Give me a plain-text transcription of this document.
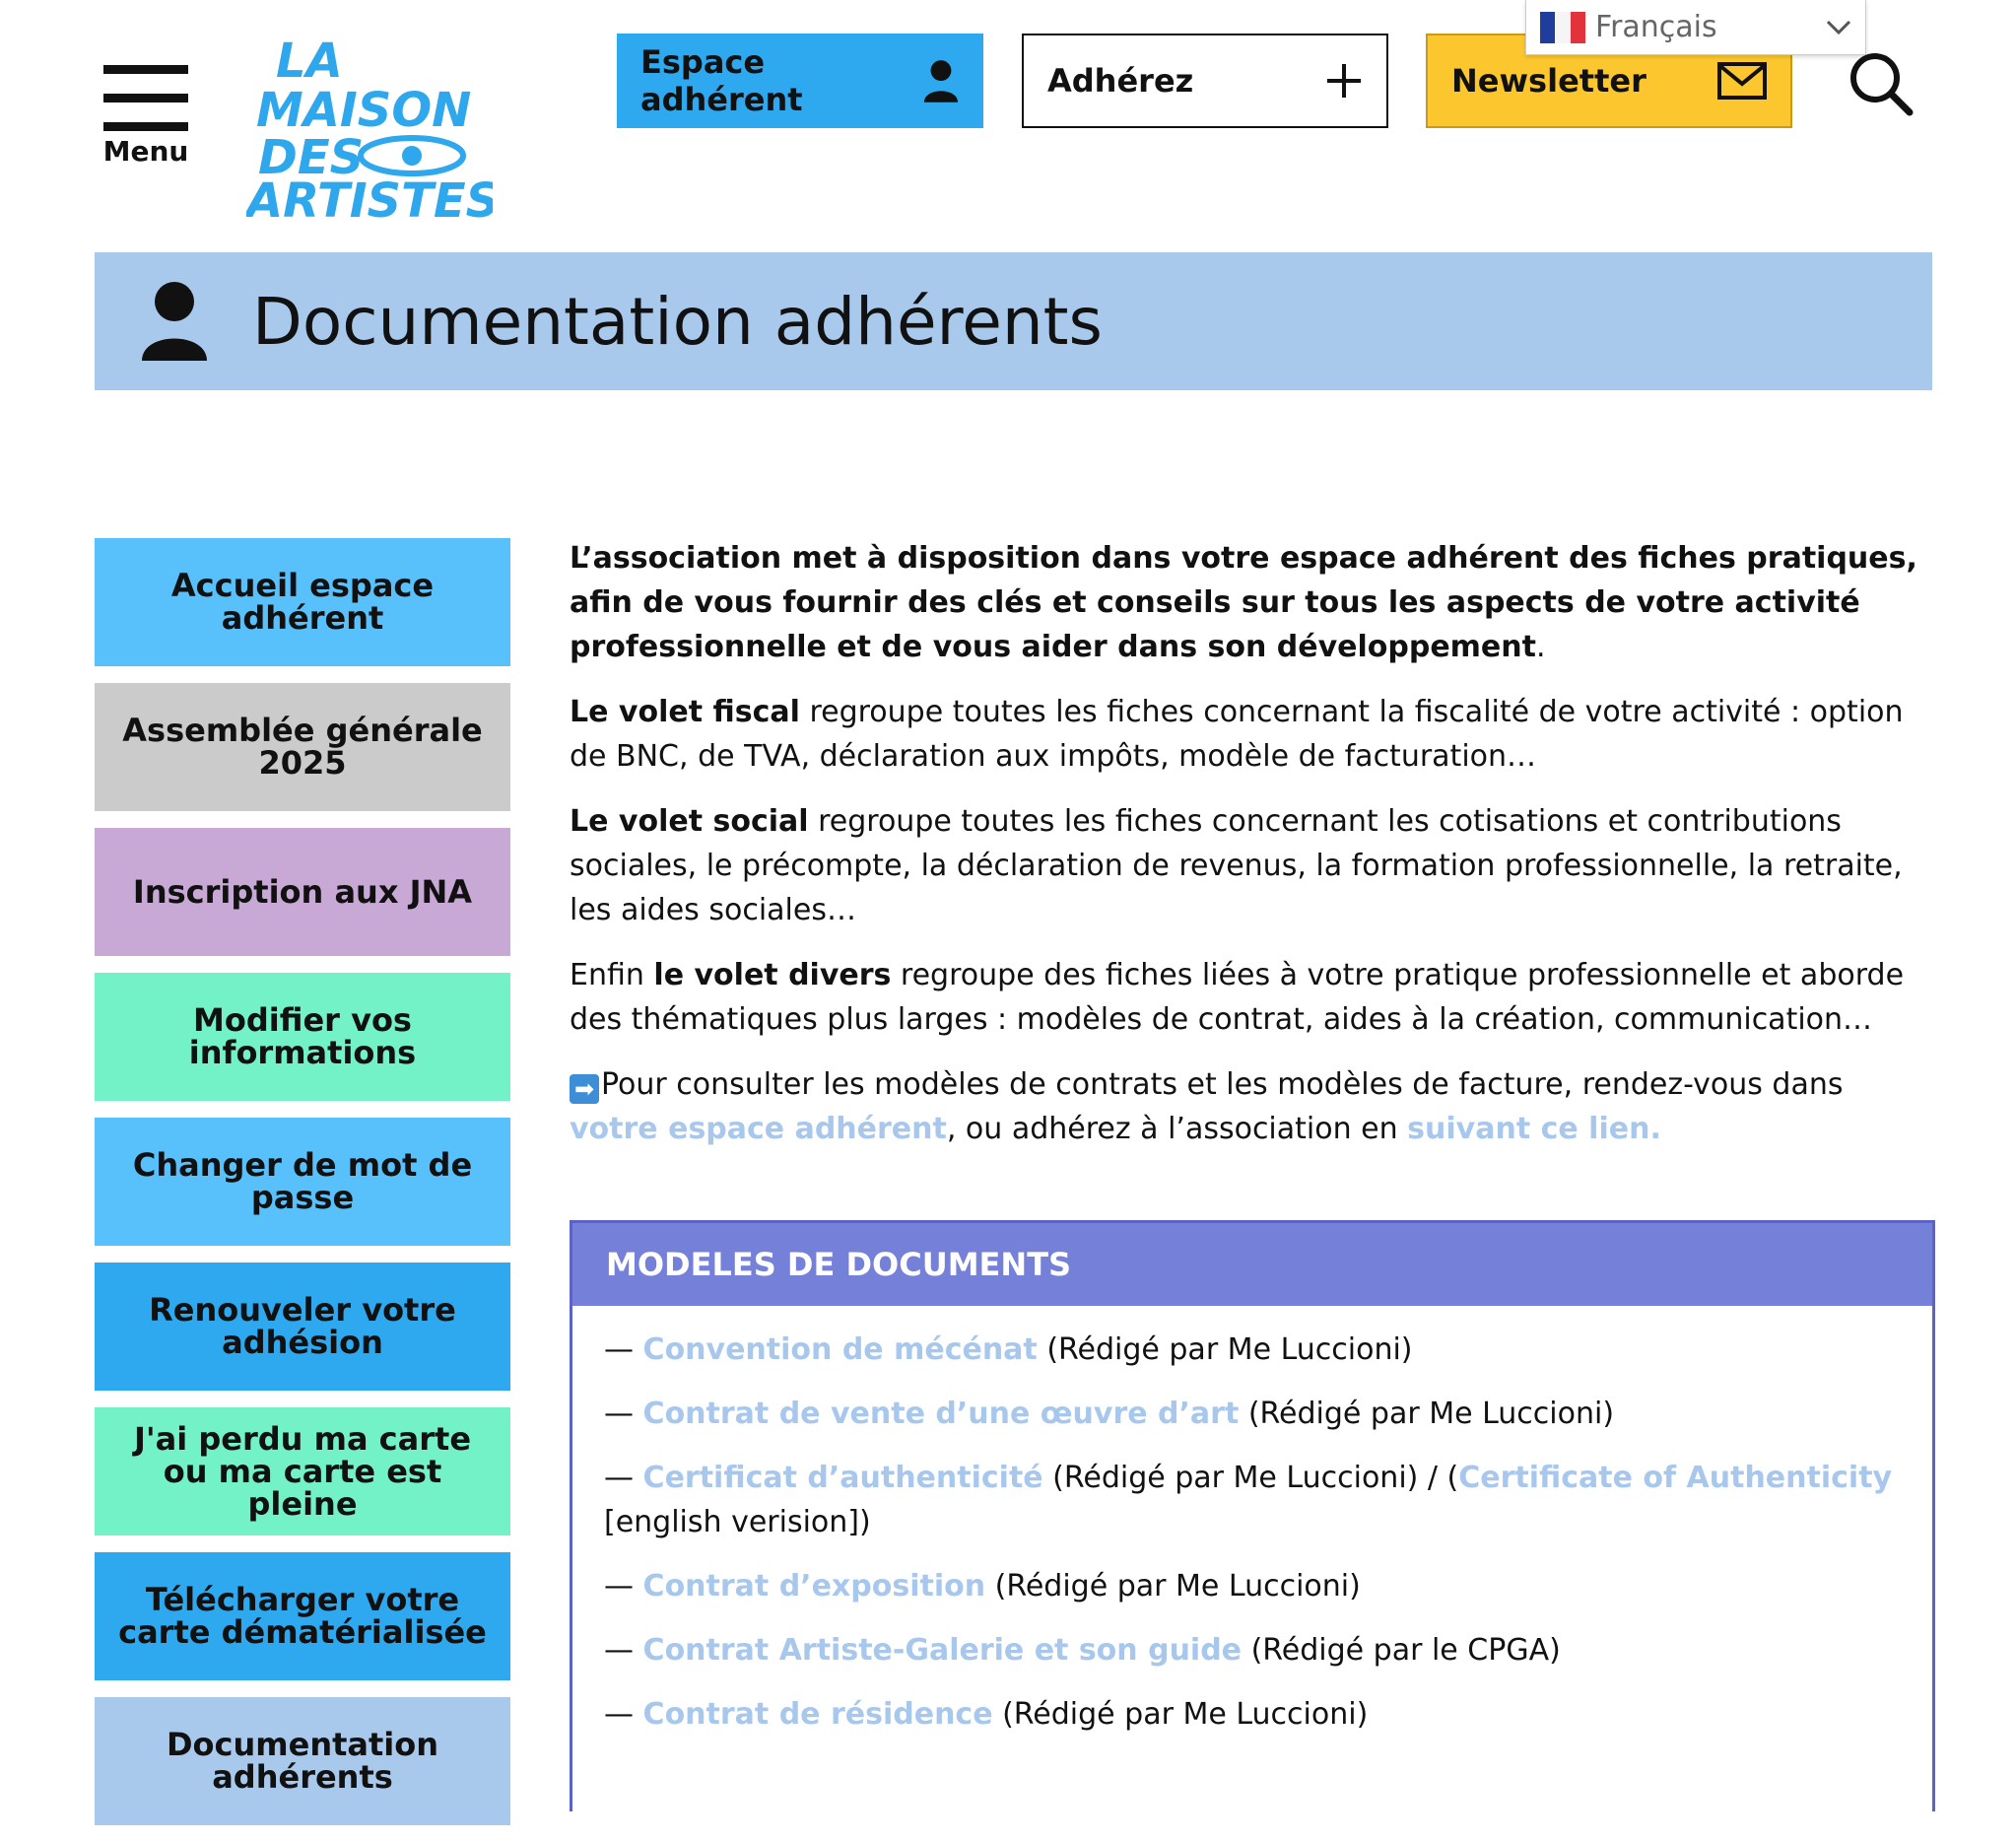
Menu
LA
MAISON
DES
ARTISTES
Espace adhérent	Adhérez	Newsletter
Français
Documentation adhérents
Accueil espace adhérent
Assemblée générale 2025
Inscription aux JNA
Modifier vos informations
Changer de mot de passe
Renouveler votre adhésion
J'ai perdu ma carte ou ma carte est pleine
Télécharger votre carte dématérialisée
Documentation adhérents

L’association met à disposition dans votre espace adhérent des fiches pratiques, afin de vous fournir des clés et conseils sur tous les aspects de votre activité professionnelle et de vous aider dans son développement.

Le volet fiscal regroupe toutes les fiches concernant la fiscalité de votre activité : option de BNC, de TVA, déclaration aux impôts, modèle de facturation…

Le volet social regroupe toutes les fiches concernant les cotisations et contributions sociales, le précompte, la déclaration de revenus, la formation professionnelle, la retraite, les aides sociales…

Enfin le volet divers regroupe des fiches liées à votre pratique professionnelle et aborde des thématiques plus larges : modèles de contrat, aides à la création, communication…

➡ Pour consulter les modèles de contrats et les modèles de facture, rendez-vous dans votre espace adhérent, ou adhérez à l’association en suivant ce lien.

MODELES DE DOCUMENTS
— Convention de mécénat (Rédigé par Me Luccioni)
— Contrat de vente d’une œuvre d’art (Rédigé par Me Luccioni)
— Certificat d’authenticité (Rédigé par Me Luccioni) / (Certificate of Authenticity [english verision])
— Contrat d’exposition (Rédigé par Me Luccioni)
— Contrat Artiste-Galerie et son guide (Rédigé par le CPGA)
— Contrat de résidence (Rédigé par Me Luccioni)
